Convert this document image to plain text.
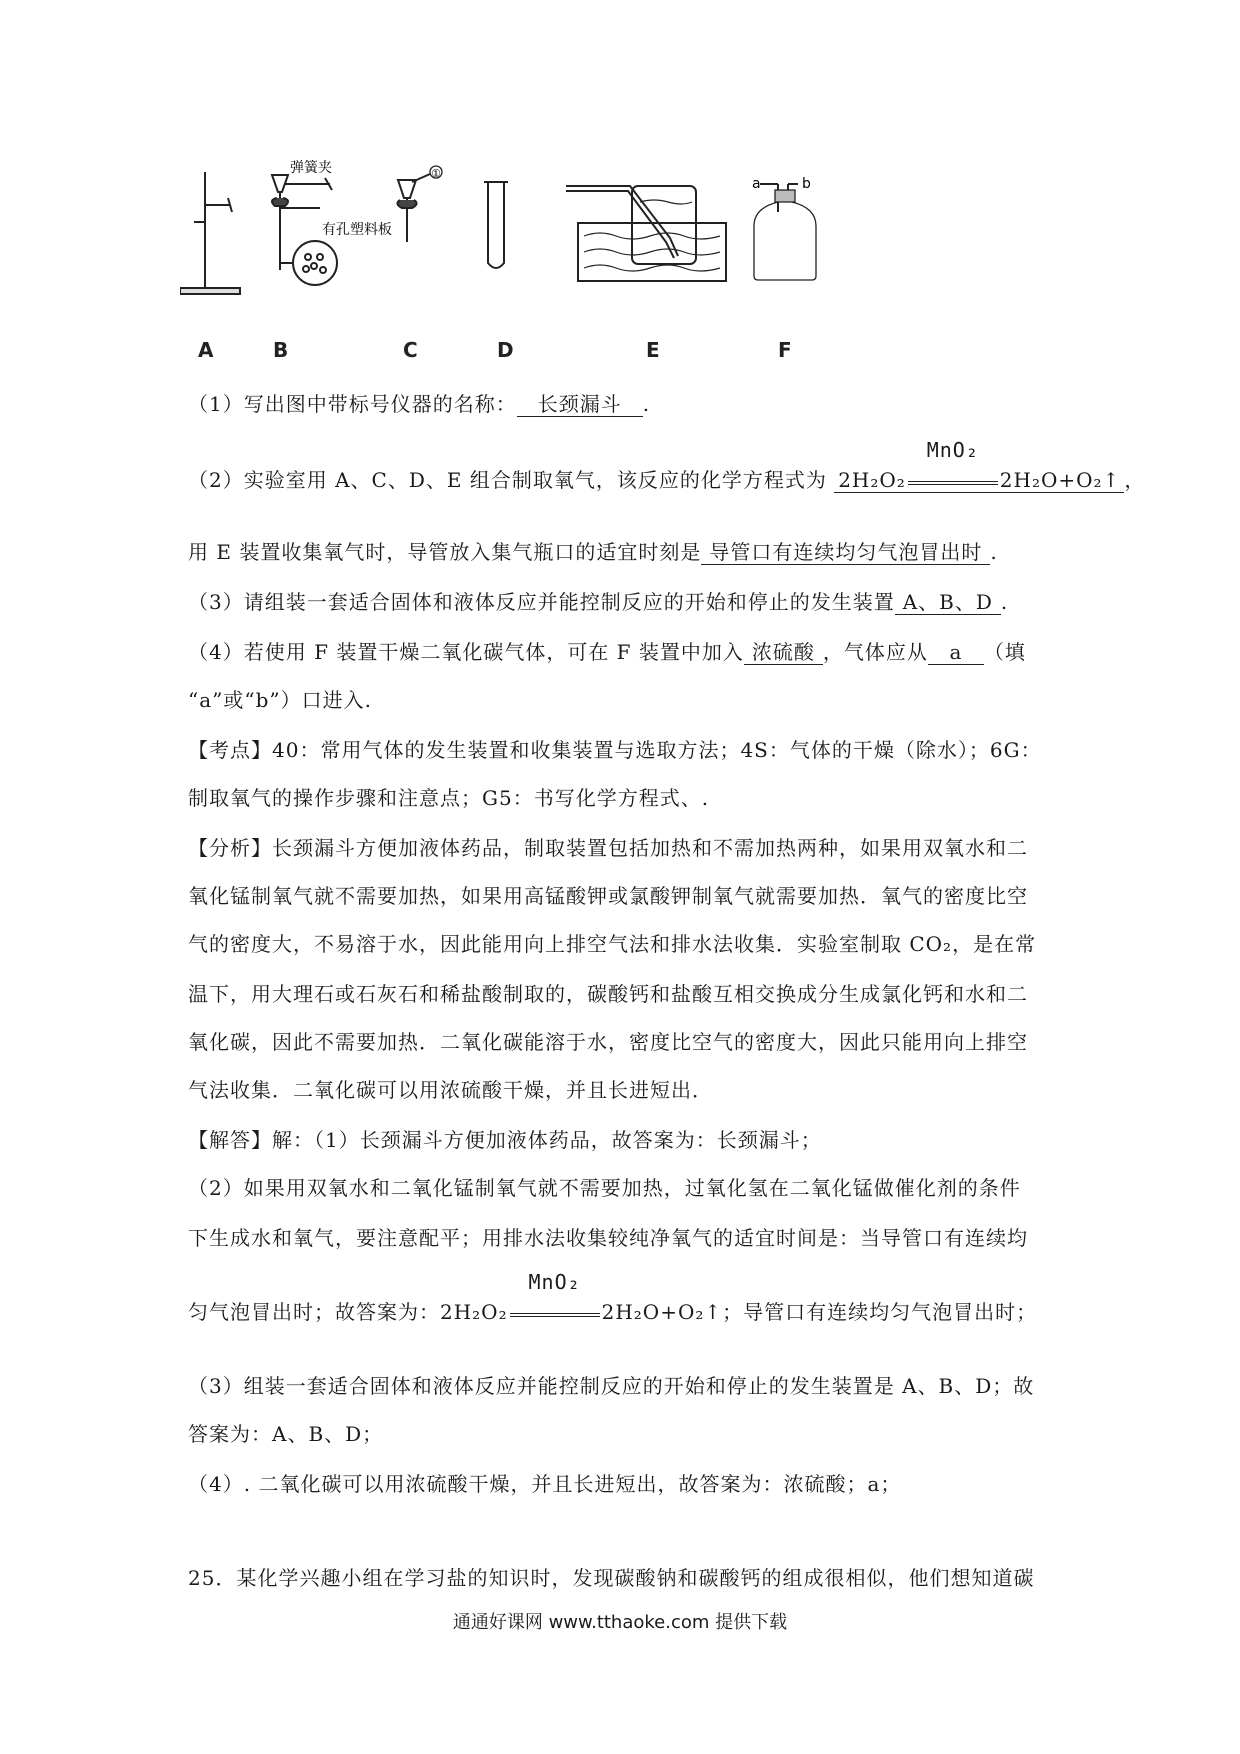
弹簧夹
有孔塑料板
①
a	b
A	B	C	D	E	F
（1）写出图中带标号仪器的名称： 长颈漏斗 .
（2）实验室用 A、C、D、E 组合制取氧气，该反应的化学方程式为 2H₂O₂
MnO₂
2H₂O+O₂↑ ，
用 E 装置收集氧气时，导管放入集气瓶口的适宜时刻是 导管口有连续均匀气泡冒出时 .
（3）请组装一套适合固体和液体反应并能控制反应的开始和停止的发生装置 A、B、D .
（4）若使用 F 装置干燥二氧化碳气体，可在 F 装置中加入 浓硫酸 ，气体应从 a （填
“a”或“b”）口进入.
【考点】40：常用气体的发生装置和收集装置与选取方法；4S：气体的干燥（除水）；6G：
制取氧气的操作步骤和注意点；G5：书写化学方程式、.
【分析】长颈漏斗方便加液体药品，制取装置包括加热和不需加热两种，如果用双氧水和二
氧化锰制氧气就不需要加热，如果用高锰酸钾或氯酸钾制氧气就需要加热．氧气的密度比空
气的密度大，不易溶于水，因此能用向上排空气法和排水法收集．实验室制取 CO₂，是在常
温下，用大理石或石灰石和稀盐酸制取的，碳酸钙和盐酸互相交换成分生成氯化钙和水和二
氧化碳，因此不需要加热．二氧化碳能溶于水，密度比空气的密度大，因此只能用向上排空
气法收集．二氧化碳可以用浓硫酸干燥，并且长进短出．
【解答】解：（1）长颈漏斗方便加液体药品，故答案为：长颈漏斗；
（2）如果用双氧水和二氧化锰制氧气就不需要加热，过氧化氢在二氧化锰做催化剂的条件
下生成水和氧气，要注意配平；用排水法收集较纯净氧气的适宜时间是：当导管口有连续均
匀气泡冒出时；故答案为：2H₂O₂
MnO₂
2H₂O+O₂↑；导管口有连续均匀气泡冒出时；
（3）组装一套适合固体和液体反应并能控制反应的开始和停止的发生装置是 A、B、D；故
答案为：A、B、D；
（4）. 二氧化碳可以用浓硫酸干燥，并且长进短出，故答案为：浓硫酸；a；
25．某化学兴趣小组在学习盐的知识时，发现碳酸钠和碳酸钙的组成很相似，他们想知道碳
通通好课网 www.tthaoke.com 提供下载
